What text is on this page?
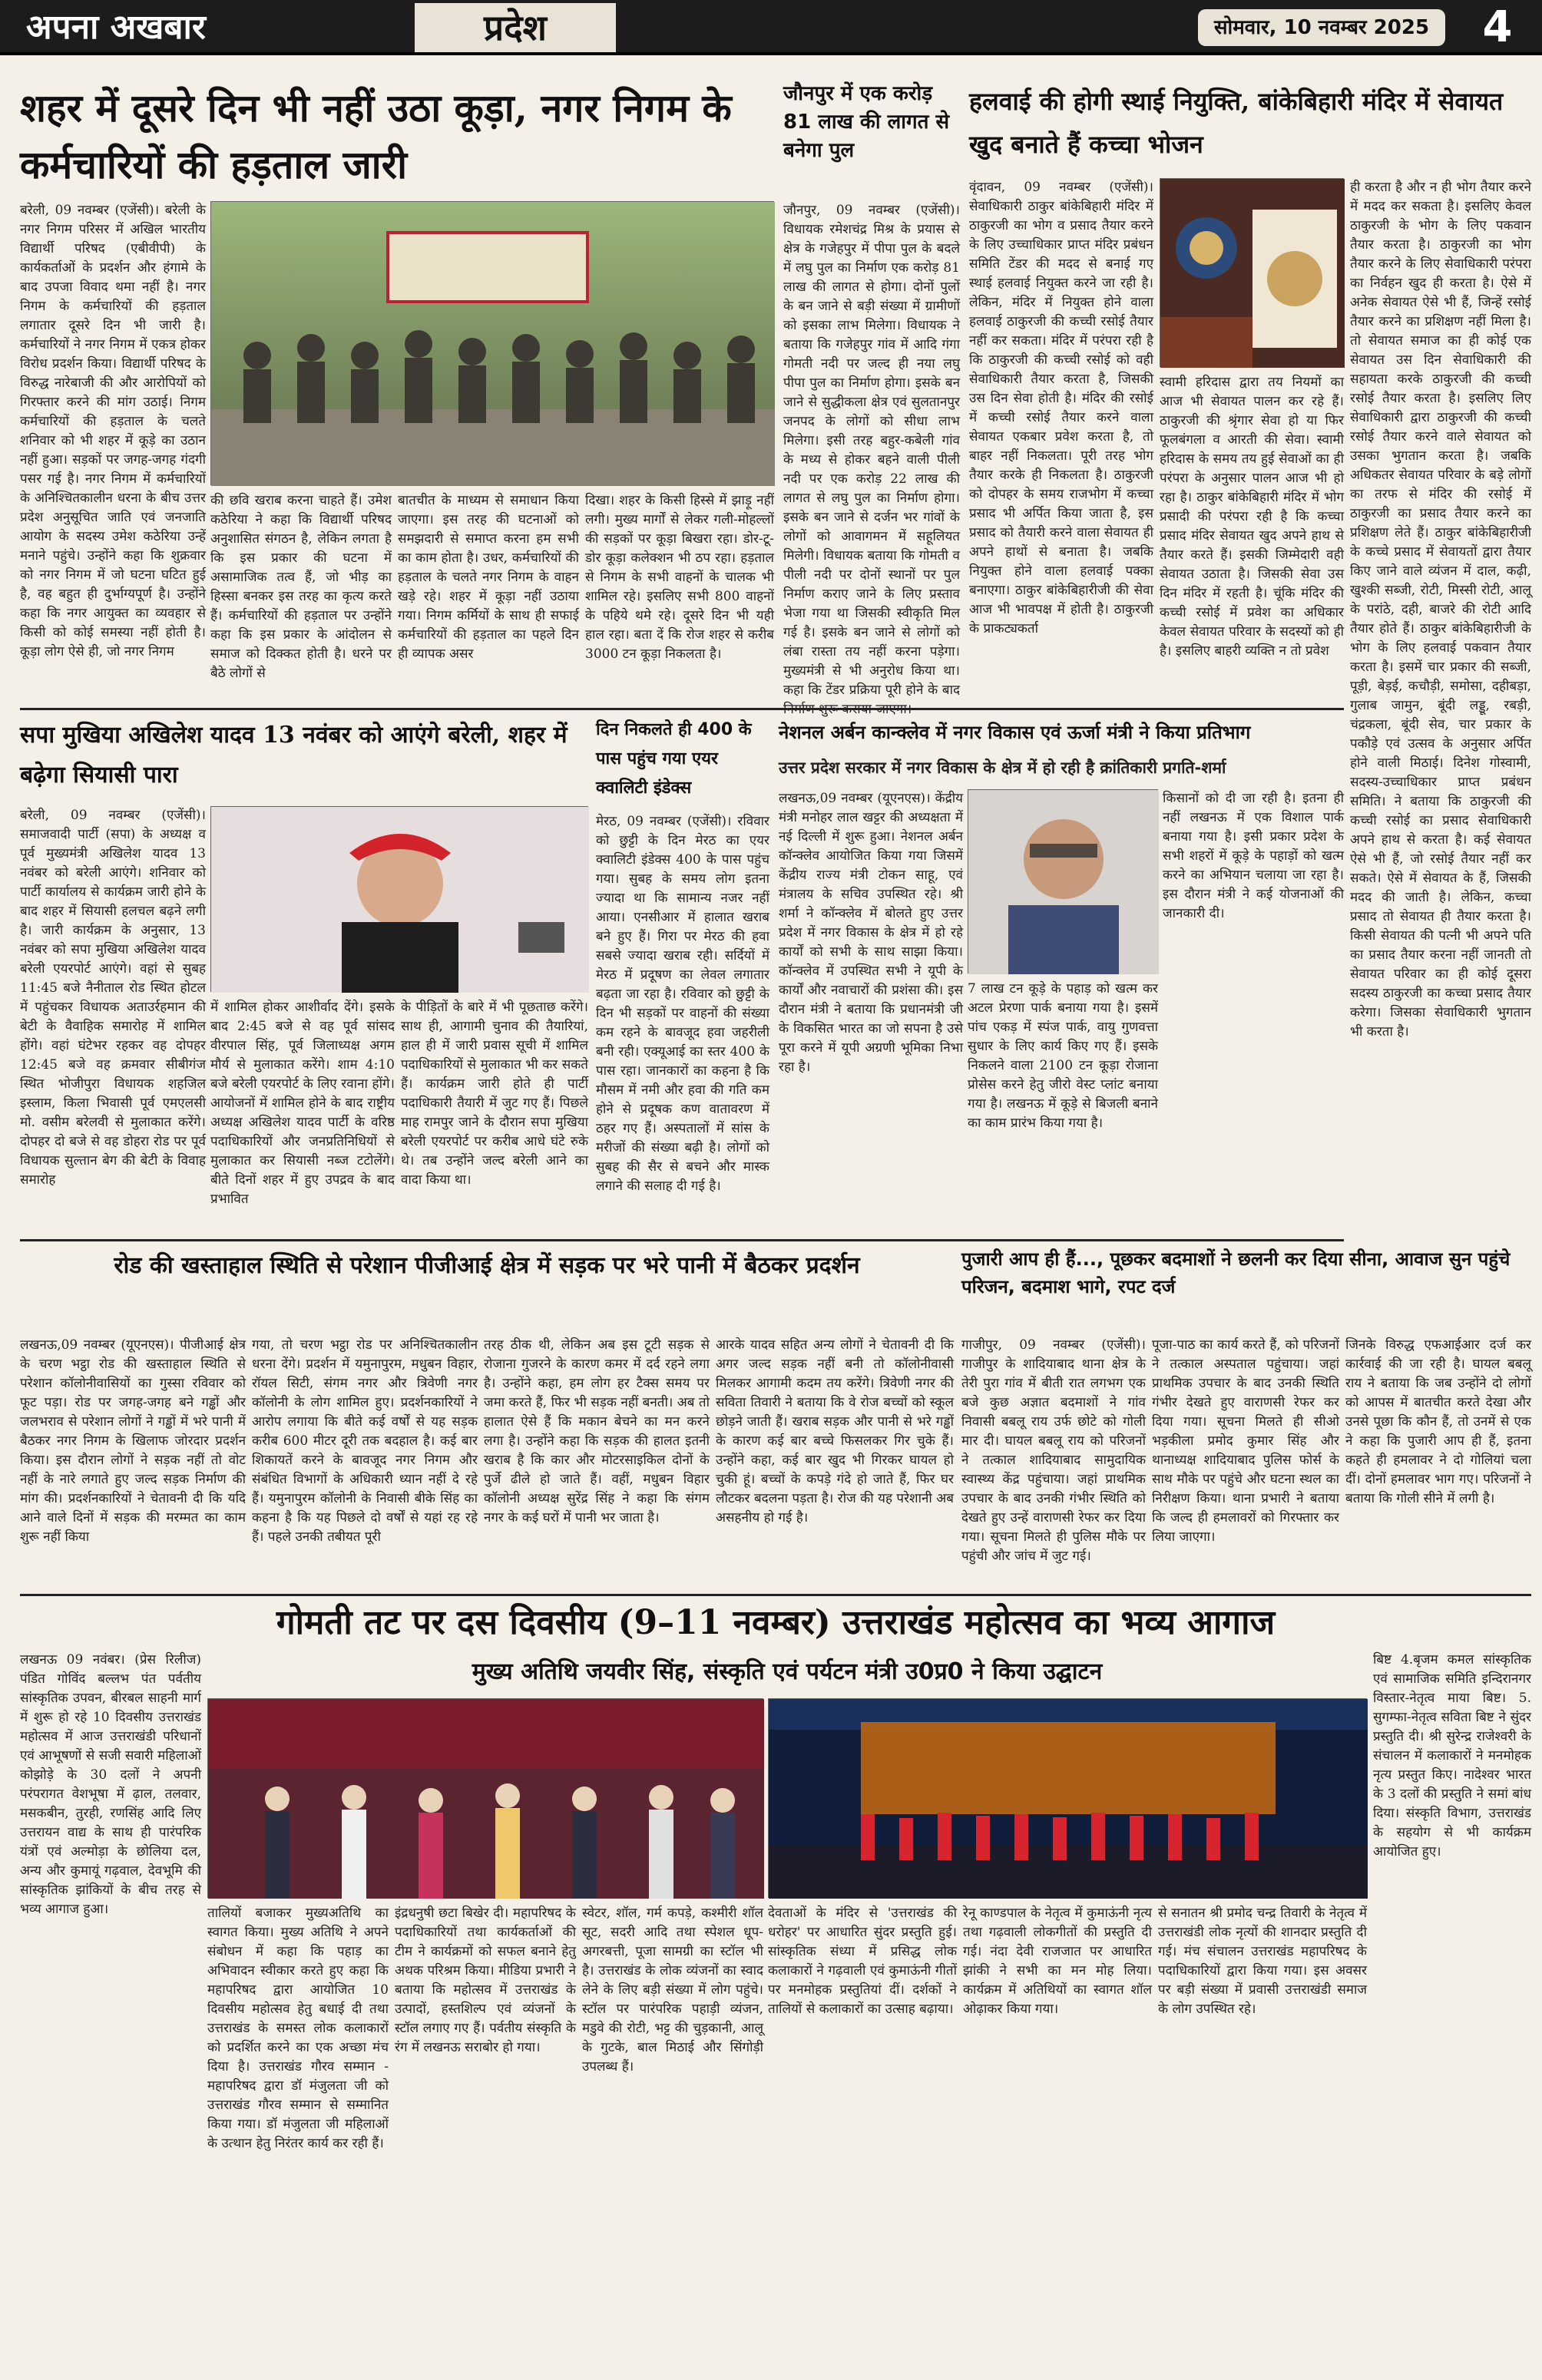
अपना अखबार	प्रदेश	सोमवार, 10 नवम्बर 2025	4
शहर में दूसरे दिन भी नहीं उठा कूड़ा, नगर निगम के कर्मचारियों की हड़ताल जारी
बरेली, 09 नवम्बर (एजेंसी)। बरेली के नगर निगम परिसर में अखिल भारतीय विद्यार्थी परिषद (एबीवीपी) के कार्यकर्ताओं के प्रदर्शन और हंगामे के बाद उपजा विवाद थमा नहीं है। नगर निगम के कर्मचारियों की हड़ताल लगातार दूसरे दिन भी जारी है। कर्मचारियों ने नगर निगम में एकत्र होकर विरोध प्रदर्शन किया। विद्यार्थी परिषद के विरुद्ध नारेबाजी की और आरोपियों को गिरफ्तार करने की मांग उठाई। निगम कर्मचारियों की हड़ताल के चलते शनिवार को भी शहर में कूड़े का उठान नहीं हुआ। सड़कों पर जगह-जगह गंदगी पसर गई है। नगर निगम में कर्मचारियों के अनिश्चितकालीन धरना के बीच उत्तर प्रदेश अनुसूचित जाति एवं जनजाति आयोग के सदस्य उमेश कठेरिया उन्हें मनाने पहुंचे। उन्होंने कहा कि शुक्रवार को नगर निगम में जो घटना घटित हुई है, वह बहुत ही दुर्भाग्यपूर्ण है। उन्होंने कहा कि नगर आयुक्त का व्यवहार से किसी को कोई समस्या नहीं होती है। कूड़ा लोग ऐसे ही, जो नगर निगम
की छवि खराब करना चाहते हैं। उमेश कठेरिया ने कहा कि विद्यार्थी परिषद अनुशासित संगठन है, लेकिन लगता है कि इस प्रकार की घटना में असामाजिक तत्व हैं, जो भीड़ का हिस्सा बनकर इस तरह का कृत्य करते हैं। कर्मचारियों की हड़ताल पर उन्होंने कहा कि इस प्रकार के आंदोलन से समाज को दिक्कत होती है। धरने पर बैठे लोगों से
बातचीत के माध्यम से समाधान किया जाएगा। इस तरह की घटनाओं को समझदारी से समाप्त करना हम सभी का काम होता है। उधर, कर्मचारियों की हड़ताल के चलते नगर निगम के वाहन खड़े रहे। शहर में कूड़ा नहीं उठाया गया। निगम कर्मियों के साथ ही सफाई कर्मचारियों की हड़ताल का पहले दिन ही व्यापक असर
दिखा। शहर के किसी हिस्से में झाड़ू नहीं लगी। मुख्य मार्गों से लेकर गली-मोहल्लों की सड़कों पर कूड़ा बिखरा रहा। डोर-टू-डोर कूड़ा कलेक्शन भी ठप रहा। हड़ताल से निगम के सभी वाहनों के चालक भी शामिल रहे। इसलिए सभी 800 वाहनों के पहिये थमे रहे। दूसरे दिन भी यही हाल रहा। बता दें कि रोज शहर से करीब 3000 टन कूड़ा निकलता है।
जौनपुर में एक करोड़ 81 लाख की लागत से बनेगा पुल
जौनपुर, 09 नवम्बर (एजेंसी)। विधायक रमेशचंद्र मिश्र के प्रयास से क्षेत्र के गजेहपुर में पीपा पुल के बदले में लघु पुल का निर्माण एक करोड़ 81 लाख की लागत से होगा। दोनों पुलों के बन जाने से बड़ी संख्या में ग्रामीणों को इसका लाभ मिलेगा। विधायक ने बताया कि गजेहपुर गांव में आदि गंगा गोमती नदी पर जल्द ही नया लघु पीपा पुल का निर्माण होगा। इसके बन जाने से सुद्धीकला क्षेत्र एवं सुलतानपुर जनपद के लोगों को सीधा लाभ मिलेगा। इसी तरह बहुर-कबेली गांव के मध्य से होकर बहने वाली पीली नदी पर एक करोड़ 22 लाख की लागत से लघु पुल का निर्माण होगा। इसके बन जाने से दर्जन भर गांवों के लोगों को आवागमन में सहूलियत मिलेगी। विधायक बताया कि गोमती व पीली नदी पर दोनों स्थानों पर पुल निर्माण कराए जाने के लिए प्रस्ताव भेजा गया था जिसकी स्वीकृति मिल गई है। इसके बन जाने से लोगों को लंबा रास्ता तय नहीं करना पड़ेगा। मुख्यमंत्री से भी अनुरोध किया था। कहा कि टेंडर प्रक्रिया पूरी होने के बाद
हलवाई की होगी स्थाई नियुक्ति, बांकेबिहारी मंदिर में सेवायत खुद बनाते हैं कच्चा भोजन
वृंदावन, 09 नवम्बर (एजेंसी)। सेवाधिकारी ठाकुर बांकेबिहारी मंदिर में ठाकुरजी का भोग व प्रसाद तैयार करने के लिए उच्चाधिकार प्राप्त मंदिर प्रबंधन समिति टेंडर की मदद से बनाई गए स्थाई हलवाई नियुक्त करने जा रही है। लेकिन, मंदिर में नियुक्त होने वाला हलवाई ठाकुरजी की कच्ची रसोई तैयार नहीं कर सकता। मंदिर में परंपरा रही है कि ठाकुरजी की कच्ची रसोई को वही सेवाधिकारी तैयार करता है, जिसकी उस दिन सेवा होती है। मंदिर की रसोई में कच्ची रसोई तैयार करने वाला सेवायत एकबार प्रवेश करता है, तो बाहर नहीं निकलता। पूरी तरह भोग तैयार करके ही निकलता है। ठाकुरजी को दोपहर के समय राजभोग में कच्चा प्रसाद भी अर्पित किया जाता है, इस प्रसाद को तैयारी करने वाला सेवायत ही अपने हाथों से बनाता है। जबकि नियुक्त होने वाला हलवाई पक्का बनाएगा। ठाकुर बांकेबिहारीजी की सेवा आज भी भावपक्ष में होती है। ठाकुरजी के प्राकट्यकर्ता
स्वामी हरिदास द्वारा तय नियमों का आज भी सेवायत पालन कर रहे हैं। ठाकुरजी की श्रृंगार सेवा हो या फिर फूलबंगला व आरती की सेवा। स्वामी हरिदास के समय तय हुई सेवाओं का ही परंपरा के अनुसार पालन आज भी हो रहा है। ठाकुर बांकेबिहारी मंदिर में भोग प्रसादी की परंपरा रही है कि कच्चा प्रसाद मंदिर सेवायत खुद अपने हाथ से तैयार करते हैं। इसकी जिम्मेदारी वही सेवायत उठाता है। जिसकी सेवा उस दिन मंदिर में रहती है। चूंकि मंदिर की कच्ची रसोई में प्रवेश का अधिकार केवल सेवायत परिवार के सदस्यों को ही है। इसलिए बाहरी व्यक्ति न तो प्रवेश
ही करता है और न ही भोग तैयार करने में मदद कर सकता है। इसलिए केवल ठाकुरजी के भोग के लिए पकवान तैयार करता है। ठाकुरजी का भोग तैयार करने के लिए सेवाधिकारी परंपरा का निर्वहन खुद ही करता है। ऐसे में अनेक सेवायत ऐसे भी हैं, जिन्हें रसोई तैयार करने का प्रशिक्षण नहीं मिला है। तो सेवायत समाज का ही कोई एक सेवायत उस दिन सेवाधिकारी की सहायता करके ठाकुरजी की कच्ची रसोई तैयार करता है। इसलिए लिए सेवाधिकारी द्वारा ठाकुरजी की कच्ची रसोई तैयार करने वाले सेवायत को उसका भुगतान करता है। जबकि अधिकतर सेवायत परिवार के बड़े लोगों का तरफ से मंदिर की रसोई में ठाकुरजी का प्रसाद तैयार करने का प्रशिक्षण लेते हैं। ठाकुर बांकेबिहारीजी के कच्चे प्रसाद में सेवायतों द्वारा तैयार किए जाने वाले व्यंजन में दाल, कढ़ी, खुश्की सब्जी, रोटी, मिस्सी रोटी, आलू के परांठे, दही, बाजरे की रोटी आदि तैयार होते हैं। ठाकुर बांकेबिहारीजी के भोग के लिए हलवाई पकवान तैयार करता है। इसमें चार प्रकार की सब्जी, पूड़ी, बेड़ई, कचौड़ी, समोसा, दहीबड़ा, गुलाब जामुन, बूंदी लड्डू, रबड़ी, चंद्रकला, बूंदी सेव, चार प्रकार के पकौड़े एवं उत्सव के अनुसार अर्पित होने वाली मिठाई। दिनेश गोस्वामी, सदस्य-उच्चाधिकार प्राप्त प्रबंधन समिति। ने बताया कि ठाकुरजी की कच्ची रसोई का प्रसाद सेवाधिकारी अपने हाथ से करता है। कई सेवायत ऐसे भी हैं, जो रसोई तैयार नहीं कर सकते। ऐसे में सेवायत के हैं, जिसकी मदद की जाती है। लेकिन, कच्चा प्रसाद तो सेवायत ही तैयार करता है। किसी सेवायत की पत्नी भी अपने पति का प्रसाद तैयार करना नहीं जानती तो सेवायत परिवार का ही कोई दूसरा सदस्य ठाकुरजी का कच्चा प्रसाद तैयार करेगा। जिसका सेवाधिकारी भुगतान भी करता है।
सपा मुखिया अखिलेश यादव 13 नवंबर को आएंगे बरेली, शहर में बढ़ेगा सियासी पारा
बरेली, 09 नवम्बर (एजेंसी)। समाजवादी पार्टी (सपा) के अध्यक्ष व पूर्व मुख्यमंत्री अखिलेश यादव 13 नवंबर को बरेली आएंगे। शनिवार को पार्टी कार्यालय से कार्यक्रम जारी होने के बाद शहर में सियासी हलचल बढ़ने लगी है। जारी कार्यक्रम के अनुसार, 13 नवंबर को सपा मुखिया अखिलेश यादव बरेली एयरपोर्ट आएंगे। वहां से सुबह 11:45 बजे नैनीताल रोड स्थित होटल में पहुंचकर विधायक अताउर्रहमान की बेटी के वैवाहिक समारोह में शामिल होंगे। वहां घंटेभर रहकर वह दोपहर 12:45 बजे वह क्रमवार सीबीगंज स्थित भोजीपुरा विधायक शहजिल इस्लाम, किला भिवासी पूर्व एमएलसी मो. वसीम बरेलवी से मुलाकात करेंगे। दोपहर दो बजे से वह डोहरा रोड पर पूर्व विधायक सुल्तान बेग की बेटी के विवाह समारोह
में शामिल होकर आशीर्वाद देंगे। इसके बाद 2:45 बजे से वह पूर्व सांसद वीरपाल सिंह, पूर्व जिलाध्यक्ष अगम मौर्य से मुलाकात करेंगे। शाम 4:10 बजे बरेली एयरपोर्ट के लिए रवाना होंगे। आयोजनों में शामिल होने के बाद राष्ट्रीय अध्यक्ष अखिलेश यादव पार्टी के वरिष्ठ पदाधिकारियों और जनप्रतिनिधियों से मुलाकात कर सियासी नब्ज टटोलेंगे। बीते दिनों शहर में हुए उपद्रव के बाद प्रभावित
के पीड़ितों के बारे में भी पूछताछ करेंगे। साथ ही, आगामी चुनाव की तैयारियां, हाल ही में जारी प्रवास सूची में शामिल पदाधिकारियों से मुलाकात भी कर सकते हैं। कार्यक्रम जारी होते ही पार्टी पदाधिकारी तैयारी में जुट गए हैं। पिछले माह रामपुर जाने के दौरान सपा मुखिया बरेली एयरपोर्ट पर करीब आधे घंटे रुके थे। तब उन्होंने जल्द बरेली आने का वादा किया था।
दिन निकलते ही 400 के पास पहुंच गया एयर क्वालिटी इंडेक्स
मेरठ, 09 नवम्बर (एजेंसी)। रविवार को छुट्टी के दिन मेरठ का एयर क्वालिटी इंडेक्स 400 के पास पहुंच गया। सुबह के समय लोग इतना ज्यादा था कि सामान्य नजर नहीं आया। एनसीआर में हालात खराब बने हुए हैं। गिरा पर मेरठ की हवा सबसे ज्यादा खराब रही। सर्दियों में मेरठ में प्रदूषण का लेवल लगातार बढ़ता जा रहा है। रविवार को छुट्टी के दिन भी सड़कों पर वाहनों की संख्या कम रहने के बावजूद हवा जहरीली बनी रही। एक्यूआई का स्तर 400 के पास रहा। जानकारों का कहना है कि मौसम में नमी और हवा की गति कम होने से प्रदूषक कण वातावरण में ठहर गए हैं। अस्पतालों में सांस के मरीजों की संख्या बढ़ी है। लोगों को सुबह की सैर से बचने और मास्क लगाने की सलाह दी गई है।
नेशनल अर्बन कान्क्लेव में नगर विकास एवं ऊर्जा मंत्री ने किया प्रतिभाग
उत्तर प्रदेश सरकार में नगर विकास के क्षेत्र में हो रही है क्रांतिकारी प्रगति-शर्मा
लखनऊ,09 नवम्बर (यूएनएस)। केंद्रीय मंत्री मनोहर लाल खट्टर की अध्यक्षता में नई दिल्ली में शुरू हुआ। नेशनल अर्बन कॉन्क्लेव आयोजित किया गया जिसमें केंद्रीय राज्य मंत्री टोकन साहू, एवं मंत्रालय के सचिव उपस्थित रहे। श्री शर्मा ने कॉन्क्लेव में बोलते हुए उत्तर प्रदेश में नगर विकास के क्षेत्र में हो रहे कार्यों को सभी के साथ साझा किया। कॉन्क्लेव में उपस्थित सभी ने यूपी के कार्यों और नवाचारों की प्रशंसा की। इस दौरान मंत्री ने बताया कि प्रधानमंत्री जी के विकसित भारत का जो सपना है उसे पूरा करने में यूपी अग्रणी भूमिका निभा रहा है।
7 लाख टन कूड़े के पहाड़ को खत्म कर अटल प्रेरणा पार्क बनाया गया है। इसमें पांच एकड़ में स्पंज पार्क, वायु गुणवत्ता सुधार के लिए कार्य किए गए हैं। इसके निकलने वाला 2100 टन कूड़ा रोजाना प्रोसेस करने हेतु जीरो वेस्ट प्लांट बनाया गया है। लखनऊ में कूड़े से बिजली बनाने का काम प्रारंभ किया गया है।
किसानों को दी जा रही है। इतना ही नहीं लखनऊ में एक विशाल पार्क बनाया गया है। इसी प्रकार प्रदेश के सभी शहरों में कूड़े के पहाड़ों को खत्म करने का अभियान चलाया जा रहा है। इस दौरान मंत्री ने कई योजनाओं की जानकारी दी।
रोड की खस्ताहाल स्थिति से परेशान पीजीआई क्षेत्र में सड़क पर भरे पानी में बैठकर प्रदर्शन
लखनऊ,09 नवम्बर (यूएनएस)। पीजीआई क्षेत्र के चरण भट्ठा रोड की खस्ताहाल स्थिति से परेशान कॉलोनीवासियों का गुस्सा रविवार को फूट पड़ा। रोड पर जगह-जगह बने गड्ढों और जलभराव से परेशान लोगों ने गड्ढों में भरे पानी में बैठकर नगर निगम के खिलाफ जोरदार प्रदर्शन किया। इस दौरान लोगों ने सड़क नहीं तो वोट नहीं के नारे लगाते हुए जल्द सड़क निर्माण की मांग की। प्रदर्शनकारियों ने चेतावनी दी कि यदि आने वाले दिनों में सड़क की मरम्मत का काम शुरू नहीं किया
गया, तो चरण भट्ठा रोड पर अनिश्चितकालीन धरना देंगे। प्रदर्शन में यमुनापुरम, मधुबन विहार, रॉयल सिटी, संगम नगर और त्रिवेणी नगर कॉलोनी के लोग शामिल हुए। प्रदर्शनकारियों ने आरोप लगाया कि बीते कई वर्षों से यह सड़क करीब 600 मीटर दूरी तक बदहाल है। कई बार शिकायतें करने के बावजूद नगर निगम और संबंधित विभागों के अधिकारी ध्यान नहीं दे रहे हैं। यमुनापुरम कॉलोनी के निवासी बीके सिंह का कहना है कि यह पिछले दो वर्षों से यहां रह रहे हैं। पहले उनकी तबीयत पूरी
तरह ठीक थी, लेकिन अब इस टूटी सड़क से रोजाना गुजरने के कारण कमर में दर्द रहने लगा है। उन्होंने कहा, हम लोग हर टैक्स समय पर जमा करते हैं, फिर भी सड़क नहीं बनती। अब तो हालात ऐसे हैं कि मकान बेचने का मन करने लगा है। उन्होंने कहा कि सड़क की हालत इतनी खराब है कि कार और मोटरसाइकिल दोनों के पुर्जे ढीले हो जाते हैं। वहीं, मधुबन विहार कॉलोनी अध्यक्ष सुरेंद्र सिंह ने कहा कि संगम नगर के कई घरों में पानी भर जाता है।
आरके यादव सहित अन्य लोगों ने चेतावनी दी कि अगर जल्द सड़क नहीं बनी तो कॉलोनीवासी मिलकर आगामी कदम तय करेंगे। त्रिवेणी नगर की सविता तिवारी ने बताया कि वे रोज बच्चों को स्कूल छोड़ने जाती हैं। खराब सड़क और पानी से भरे गड्ढों के कारण कई बार बच्चे फिसलकर गिर चुके हैं। उन्होंने कहा, कई बार खुद भी गिरकर घायल हो चुकी हूं। बच्चों के कपड़े गंदे हो जाते हैं, फिर घर लौटकर बदलना पड़ता है। रोज की यह परेशानी अब असहनीय हो गई है।
पुजारी आप ही हैं..., पूछकर बदमाशों ने छलनी कर दिया सीना, आवाज सुन पहुंचे परिजन, बदमाश भागे, रपट दर्ज
गाजीपुर, 09 नवम्बर (एजेंसी)। गाजीपुर के शादियाबाद थाना क्षेत्र के तेरी पुरा गांव में बीती रात लगभग एक बजे कुछ अज्ञात बदमाशों ने गांव निवासी बबलू राय उर्फ छोटे को गोली मार दी। घायल बबलू राय को परिजनों ने तत्काल शादियाबाद सामुदायिक स्वास्थ्य केंद्र पहुंचाया। जहां प्राथमिक उपचार के बाद उनकी गंभीर स्थिति को देखते हुए उन्हें वाराणसी रेफर कर दिया गया। सूचना मिलते ही पुलिस मौके पर पहुंची और जांच में जुट गई।
पूजा-पाठ का कार्य करते हैं, को परिजनों ने तत्काल अस्पताल पहुंचाया। जहां प्राथमिक उपचार के बाद उनकी स्थिति गंभीर देखते हुए वाराणसी रेफर कर दिया गया। सूचना मिलते ही सीओ भड़कीला प्रमोद कुमार सिंह और थानाध्यक्ष शादियाबाद पुलिस फोर्स के साथ मौके पर पहुंचे और घटना स्थल का निरीक्षण किया। थाना प्रभारी ने बताया कि जल्द ही हमलावरों को गिरफ्तार कर लिया जाएगा।
जिनके विरुद्ध एफआईआर दर्ज कर कार्रवाई की जा रही है। घायल बबलू राय ने बताया कि जब उन्होंने दो लोगों को आपस में बातचीत करते देखा और उनसे पूछा कि कौन हैं, तो उनमें से एक ने कहा कि पुजारी आप ही हैं, इतना कहते ही हमलावर ने दो गोलियां चला दीं। दोनों हमलावर भाग गए। परिजनों ने बताया कि गोली सीने में लगी है।
गोमती तट पर दस दिवसीय (9–11 नवम्बर) उत्तराखंड महोत्सव का भव्य आगाज
लखनऊ 09 नवंबर। (प्रेस रिलीज) पंडित गोविंद बल्लभ पंत पर्वतीय सांस्कृतिक उपवन, बीरबल साहनी मार्ग में शुरू हो रहे 10 दिवसीय उत्तराखंड महोत्सव में आज उत्तराखंडी परिधानों एवं आभूषणों से सजी सवारी महिलाओं कोझोड़े के 30 दलों ने अपनी परंपरागत वेशभूषा में ढ़ाल, तलवार, मसकबीन, तुरही, रणसिंह आदि लिए उत्तरायन वाद्य के साथ ही पारंपरिक यंत्रों एवं अल्मोड़ा के छोलिया दल, अन्य और कुमायूं गढ़वाल, देवभूमि की सांस्कृतिक झांकियों के बीच तरह से भव्य आगाज हुआ।
मुख्य अतिथि जयवीर सिंह, संस्कृति एवं पर्यटन मंत्री उ0प्र0 ने किया उद्घाटन
तालियों बजाकर मुख्यअतिथि का स्वागत किया। मुख्य अतिथि ने अपने संबोधन में कहा कि पहाड़ का अभिवादन स्वीकार करते हुए कहा कि महापरिषद द्वारा आयोजित 10 दिवसीय महोत्सव हेतु बधाई दी तथा उत्तराखंड के समस्त लोक कलाकारों को प्रदर्शित करने का एक अच्छा मंच दिया है। उत्तराखंड गौरव सम्मान - महापरिषद द्वारा डॉ मंजुलता जी को उत्तराखंड गौरव सम्मान से सम्मानित किया गया। डॉ मंजुलता जी महिलाओं के उत्थान हेतु निरंतर कार्य कर रही हैं।
इंद्रधनुषी छटा बिखेर दी। महापरिषद के पदाधिकारियों तथा कार्यकर्ताओं की टीम ने कार्यक्रमों को सफल बनाने हेतु अथक परिश्रम किया। मीडिया प्रभारी ने बताया कि महोत्सव में उत्तराखंड के उत्पादों, हस्तशिल्प एवं व्यंजनों के स्टॉल लगाए गए हैं। पर्वतीय संस्कृति के रंग में लखनऊ सराबोर हो गया।
स्वेटर, शॉल, गर्म कपड़े, कश्मीरी शॉल सूट, सदरी आदि तथा स्पेशल धूप-अगरबत्ती, पूजा सामग्री का स्टॉल भी है। उत्तराखंड के लोक व्यंजनों का स्वाद लेने के लिए बड़ी संख्या में लोग पहुंचे। स्टॉल पर पारंपरिक पहाड़ी व्यंजन, मडुवे की रोटी, भट्ट की चुड़कानी, आलू के गुटके, बाल मिठाई और सिंगोड़ी उपलब्ध हैं।
देवताओं के मंदिर से 'उत्तराखंड की धरोहर' पर आधारित सुंदर प्रस्तुति हुई। सांस्कृतिक संध्या में प्रसिद्ध लोक कलाकारों ने गढ़वाली एवं कुमाऊंनी गीतों पर मनमोहक प्रस्तुतियां दीं। दर्शकों ने तालियों से कलाकारों का उत्साह बढ़ाया।
रेनू काण्डपाल के नेतृत्व में कुमाऊंनी नृत्य तथा गढ़वाली लोकगीतों की प्रस्तुति दी गई। नंदा देवी राजजात पर आधारित झांकी ने सभी का मन मोह लिया। कार्यक्रम में अतिथियों का स्वागत शॉल ओढ़ाकर किया गया।
से सनातन श्री प्रमोद चन्द्र तिवारी के नेतृत्व में उत्तराखंडी लोक नृत्यों की शानदार प्रस्तुति दी गई। मंच संचालन उत्तराखंड महापरिषद के पदाधिकारियों द्वारा किया गया। इस अवसर पर बड़ी संख्या में प्रवासी उत्तराखंडी समाज के लोग उपस्थित रहे।
बिष्ट 4.बृजम कमल सांस्कृतिक एवं सामाजिक समिति इन्दिरानगर विस्तार-नेतृत्व माया बिष्ट। 5. सुगम्फा-नेतृत्व सविता बिष्ट ने सुंदर प्रस्तुति दी। श्री सुरेन्द्र राजेश्वरी के संचालन में कलाकारों ने मनमोहक नृत्य प्रस्तुत किए। नादेश्वर भारत के 3 दलों की प्रस्तुति ने समां बांध दिया। संस्कृति विभाग, उत्तराखंड के सहयोग से भी कार्यक्रम आयोजित हुए।
